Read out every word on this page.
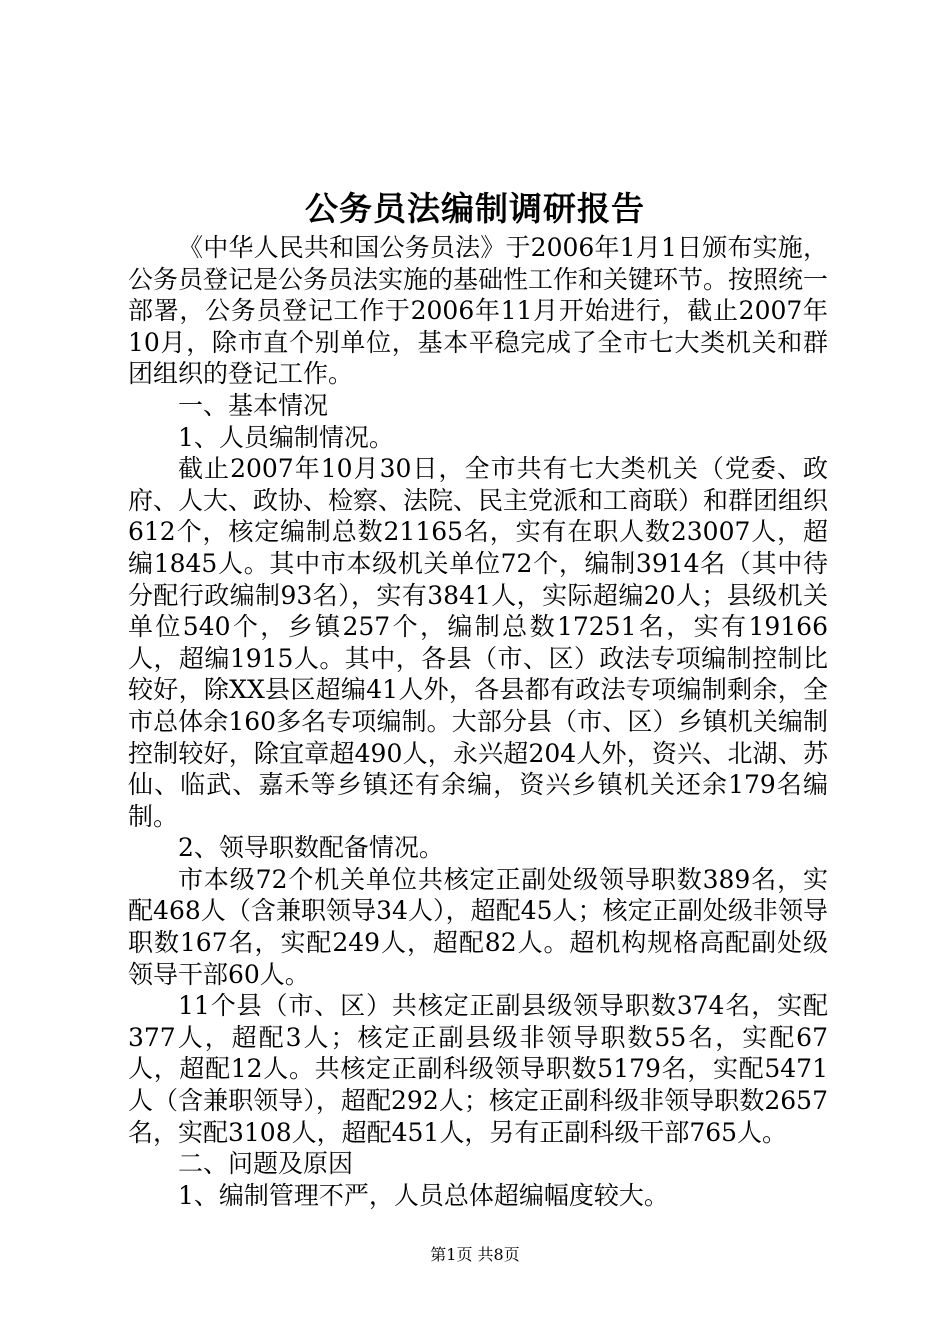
公务员法编制调研报告

《中华人民共和国公务员法》于2006年1月1日颁布实施，公务员登记是公务员法实施的基础性工作和关键环节。按照统一部署，公务员登记工作于2006年11月开始进行，截止2007年10月，除市直个别单位，基本平稳完成了全市七大类机关和群团组织的登记工作。

一、基本情况

1、人员编制情况。

截止2007年10月30日，全市共有七大类机关（党委、政府、人大、政协、检察、法院、民主党派和工商联）和群团组织612个，核定编制总数21165名，实有在职人数23007人，超编1845人。其中市本级机关单位72个，编制3914名（其中待分配行政编制93名），实有3841人，实际超编20人；县级机关单位540个，乡镇257个，编制总数17251名，实有19166人，超编1915人。其中，各县（市、区）政法专项编制控制比较好，除XX县区超编41人外，各县都有政法专项编制剩余，全市总体余160多名专项编制。大部分县（市、区）乡镇机关编制控制较好，除宜章超490人，永兴超204人外，资兴、北湖、苏仙、临武、嘉禾等乡镇还有余编，资兴乡镇机关还余179名编制。

2、领导职数配备情况。

市本级72个机关单位共核定正副处级领导职数389名，实配468人（含兼职领导34人），超配45人；核定正副处级非领导职数167名，实配249人，超配82人。超机构规格高配副处级领导干部60人。

11个县（市、区）共核定正副县级领导职数374名，实配377人，超配3人；核定正副县级非领导职数55名，实配67人，超配12人。共核定正副科级领导职数5179名，实配5471人（含兼职领导），超配292人；核定正副科级非领导职数2657名，实配3108人，超配451人，另有正副科级干部765人。

二、问题及原因

1、编制管理不严，人员总体超编幅度较大。

第1页 共8页
